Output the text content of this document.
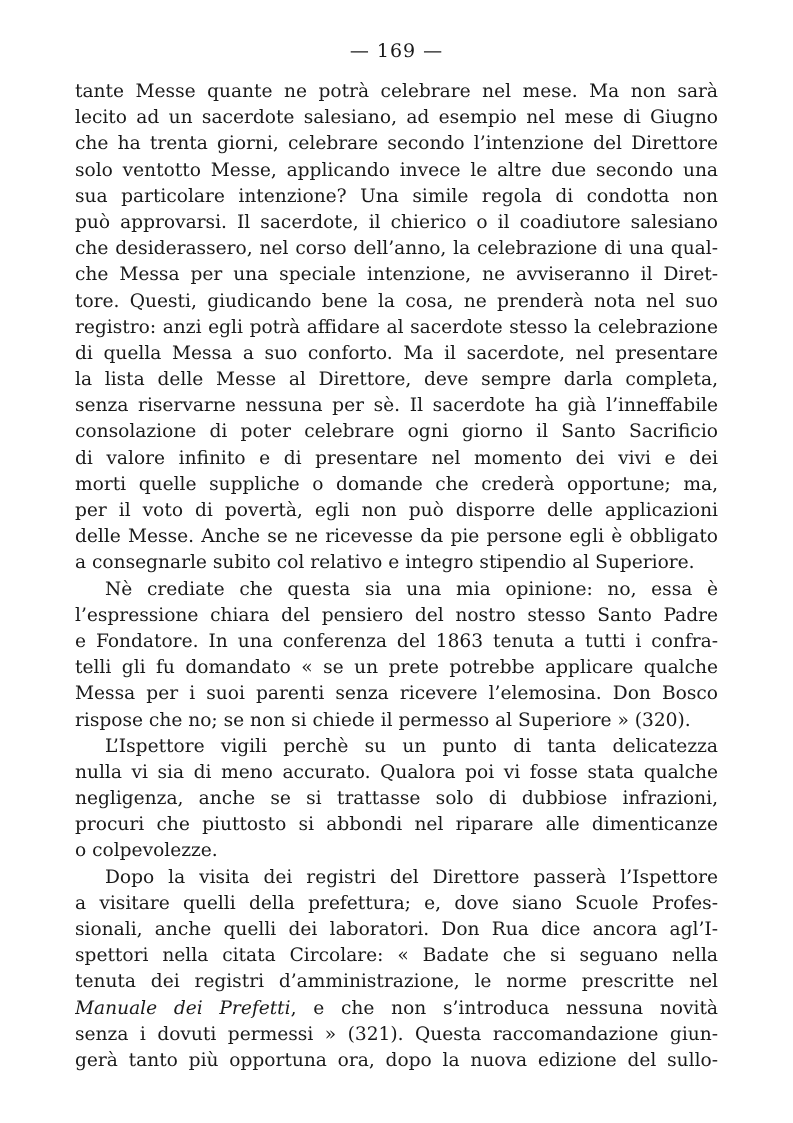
— 169 —
tante Messe quante ne potrà celebrare nel mese. Ma non sarà
lecito ad un sacerdote salesiano, ad esempio nel mese di Giugno
che ha trenta giorni, celebrare secondo l’intenzione del Direttore
solo ventotto Messe, applicando invece le altre due secondo una
sua particolare intenzione? Una simile regola di condotta non
può approvarsi. Il sacerdote, il chierico o il coadiutore salesiano
che desiderassero, nel corso dell’anno, la celebrazione di una qual-
che Messa per una speciale intenzione, ne avviseranno il Diret-
tore. Questi, giudicando bene la cosa, ne prenderà nota nel suo
registro: anzi egli potrà affidare al sacerdote stesso la celebrazione
di quella Messa a suo conforto. Ma il sacerdote, nel presentare
la lista delle Messe al Direttore, deve sempre darla completa,
senza riservarne nessuna per sè. Il sacerdote ha già l’inneffabile
consolazione di poter celebrare ogni giorno il Santo Sacrificio
di valore infinito e di presentare nel momento dei vivi e dei
morti quelle suppliche o domande che crederà opportune; ma,
per il voto di povertà, egli non può disporre delle applicazioni
delle Messe. Anche se ne ricevesse da pie persone egli è obbligato
a consegnarle subito col relativo e integro stipendio al Superiore.
Nè crediate che questa sia una mia opinione: no, essa è
l’espressione chiara del pensiero del nostro stesso Santo Padre
e Fondatore. In una conferenza del 1863 tenuta a tutti i confra-
telli gli fu domandato « se un prete potrebbe applicare qualche
Messa per i suoi parenti senza ricevere l’elemosina. Don Bosco
rispose che no; se non si chiede il permesso al Superiore » (320).
L’Ispettore vigili perchè su un punto di tanta delicatezza
nulla vi sia di meno accurato. Qualora poi vi fosse stata qualche
negligenza, anche se si trattasse solo di dubbiose infrazioni,
procuri che piuttosto si abbondi nel riparare alle dimenticanze
o colpevolezze.
Dopo la visita dei registri del Direttore passerà l’Ispettore
a visitare quelli della prefettura; e, dove siano Scuole Profes-
sionali, anche quelli dei laboratori. Don Rua dice ancora agl’I-
spettori nella citata Circolare: « Badate che si seguano nella
tenuta dei registri d’amministrazione, le norme prescritte nel
Manuale dei Prefetti, e che non s’introduca nessuna novità
senza i dovuti permessi » (321). Questa raccomandazione giun-
gerà tanto più opportuna ora, dopo la nuova edizione del sullo-
